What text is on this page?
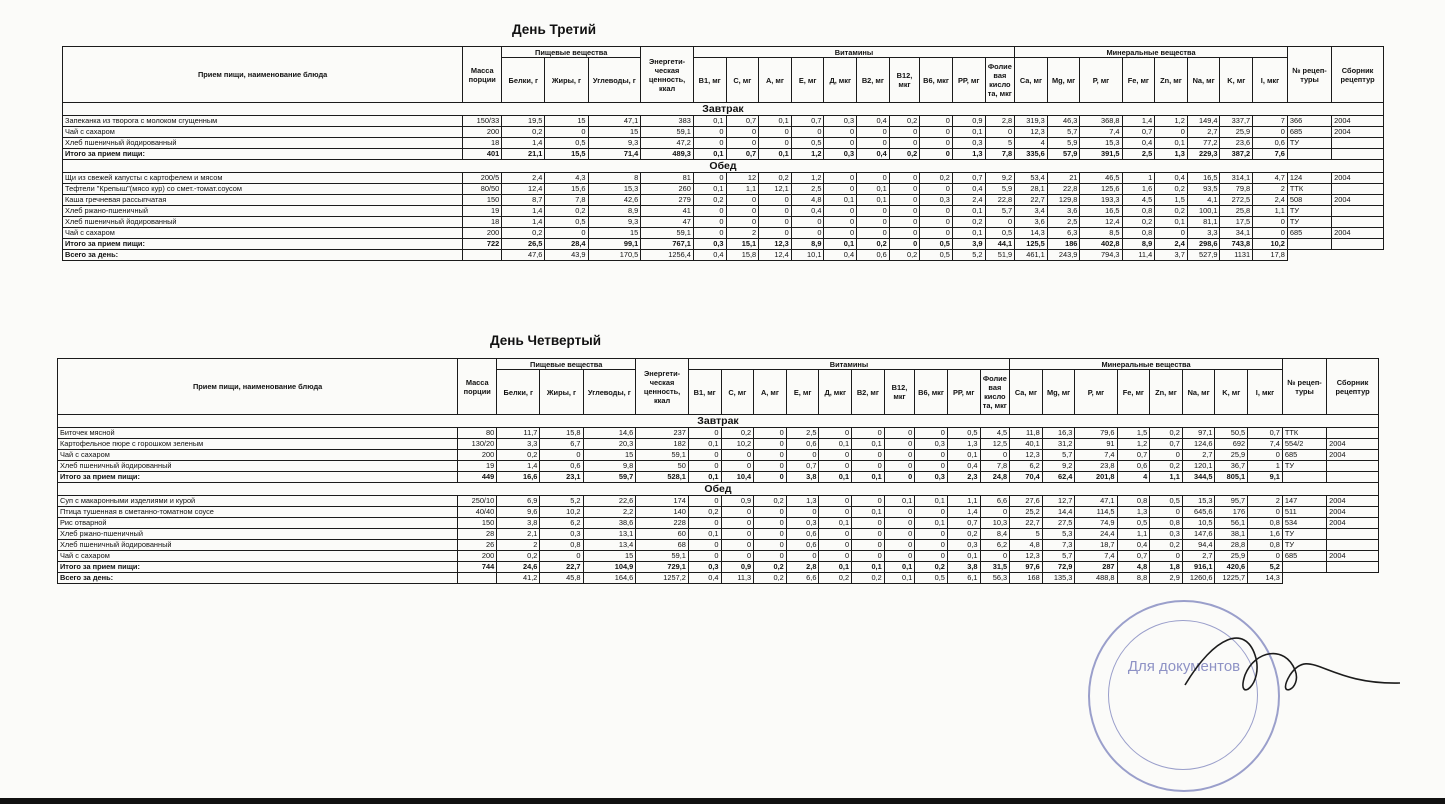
День Третий
Прием пищи, наименование блюда	Масса порции	Пищевые вещества			Энергети-ческая ценность, ккал	Витамины										Минеральные вещества								№ рецеп-туры	Сборник рецептур
		Белки, г	Жиры, г	Углеводы, г		В1, мг	С, мг	А, мг	Е, мг	Д, мкг	В2, мг	В12, мкг	В6, мкг	РР, мг	Фолие вая кисло та, мкг	Са, мг	Mg, мг	Р, мг	Fe, мг	Zn, мг	Na, мг	K, мг	I, мкг		
Завтрак																									
Запеканка из творога с молоком сгущенным	150/33	19,5	15	47,1	383	0,1	0,7	0,1	0,7	0,3	0,4	0,2	0	0,9	2,8	319,3	46,3	368,8	1,4	1,2	149,4	337,7	7	366	2004
Чай с сахаром	200	0,2	0	15	59,1	0	0	0	0	0	0	0	0	0,1	0	12,3	5,7	7,4	0,7	0	2,7	25,9	0	685	2004
Хлеб пшеничный йодированный	18	1,4	0,5	9,3	47,2	0	0	0	0,5	0	0	0	0	0,3	5	4	5,9	15,3	0,4	0,1	77,2	23,6	0,6	ТУ	
Итого за прием пищи:	401	21,1	15,5	71,4	489,3	0,1	0,7	0,1	1,2	0,3	0,4	0,2	0	1,3	7,8	335,6	57,9	391,5	2,5	1,3	229,3	387,2	7,6		
Обед																									
Щи из свежей капусты с картофелем и мясом	200/5	2,4	4,3	8	81	0	12	0,2	1,2	0	0	0	0,2	0,7	9,2	53,4	21	46,5	1	0,4	16,5	314,1	4,7	124	2004
Тефтели "Крепыш"(мясо кур) со смет.-томат.соусом	80/50	12,4	15,6	15,3	260	0,1	1,1	12,1	2,5	0	0,1	0	0	0,4	5,9	28,1	22,8	125,6	1,6	0,2	93,5	79,8	2	ТТК	
Каша гречневая рассыпчатая	150	8,7	7,8	42,6	279	0,2	0	0	4,8	0,1	0,1	0	0,3	2,4	22,8	22,7	129,8	193,3	4,5	1,5	4,1	272,5	2,4	508	2004
Хлеб ржано-пшеничный	19	1,4	0,2	8,9	41	0	0	0	0,4	0	0	0	0	0,1	5,7	3,4	3,6	16,5	0,8	0,2	100,1	25,8	1,1	ТУ	
Хлеб пшеничный йодированный	18	1,4	0,5	9,3	47	0	0	0	0	0	0	0	0	0,2	0	3,6	2,5	12,4	0,2	0,1	81,1	17,5	0	ТУ	
Чай с сахаром	200	0,2	0	15	59,1	0	2	0	0	0	0	0	0	0,1	0,5	14,3	6,3	8,5	0,8	0	3,3	34,1	0	685	2004
Итого за прием пищи:	722	26,5	28,4	99,1	767,1	0,3	15,1	12,3	8,9	0,1	0,2	0	0,5	3,9	44,1	125,5	186	402,8	8,9	2,4	298,6	743,8	10,2		
Всего за день:		47,6	43,9	170,5	1256,4	0,4	15,8	12,4	10,1	0,4	0,6	0,2	0,5	5,2	51,9	461,1	243,9	794,3	11,4	3,7	527,9	1131	17,8		
День Четвертый
Прием пищи, наименование блюда	Масса порции	Пищевые вещества			Энергети-ческая ценность, ккал	Витамины										Минеральные вещества								№ рецеп-туры	Сборник рецептур
		Белки, г	Жиры, г	Углеводы, г		В1, мг	С, мг	А, мг	Е, мг	Д, мкг	В2, мг	В12, мкг	В6, мкг	РР, мг	Фолие вая кисло та, мкг	Са, мг	Mg, мг	Р, мг	Fe, мг	Zn, мг	Na, мг	K, мг	I, мкг		
Завтрак																									
Биточек мясной	80	11,7	15,8	14,6	237	0	0,2	0	2,5	0	0	0	0	0,5	4,5	11,8	16,3	79,6	1,5	0,2	97,1	50,5	0,7	ТТК	
Картофельное пюре с горошком зеленым	130/20	3,3	6,7	20,3	182	0,1	10,2	0	0,6	0,1	0,1	0	0,3	1,3	12,5	40,1	31,2	91	1,2	0,7	124,6	692	7,4	554/2	2004
Чай с сахаром	200	0,2	0	15	59,1	0	0	0	0	0	0	0	0	0,1	0	12,3	5,7	7,4	0,7	0	2,7	25,9	0	685	2004
Хлеб пшеничный йодированный	19	1,4	0,6	9,8	50	0	0	0	0,7	0	0	0	0	0,4	7,8	6,2	9,2	23,8	0,6	0,2	120,1	36,7	1	ТУ	
Итого за прием пищи:	449	16,6	23,1	59,7	528,1	0,1	10,4	0	3,8	0,1	0,1	0	0,3	2,3	24,8	70,4	62,4	201,8	4	1,1	344,5	805,1	9,1		
Обед																									
Суп с макаронными изделиями и курой	250/10	6,9	5,2	22,6	174	0	0,9	0,2	1,3	0	0	0,1	0,1	1,1	6,6	27,6	12,7	47,1	0,8	0,5	15,3	95,7	2	147	2004
Птица тушенная в сметанно-томатном соусе	40/40	9,6	10,2	2,2	140	0,2	0	0	0	0	0,1	0	0	1,4	0	25,2	14,4	114,5	1,3	0	645,6	176	0	511	2004
Рис отварной	150	3,8	6,2	38,6	228	0	0	0	0,3	0,1	0	0	0,1	0,7	10,3	22,7	27,5	74,9	0,5	0,8	10,5	56,1	0,8	534	2004
Хлеб ржано-пшеничный	28	2,1	0,3	13,1	60	0,1	0	0	0,6	0	0	0	0	0,2	8,4	5	5,3	24,4	1,1	0,3	147,6	38,1	1,6	ТУ	
Хлеб пшеничный йодированный	26	2	0,8	13,4	68	0	0	0	0,6	0	0	0	0	0,3	6,2	4,8	7,3	18,7	0,4	0,2	94,4	28,8	0,8	ТУ	
Чай с сахаром	200	0,2	0	15	59,1	0	0	0	0	0	0	0	0	0,1	0	12,3	5,7	7,4	0,7	0	2,7	25,9	0	685	2004
Итого за прием пищи:	744	24,6	22,7	104,9	729,1	0,3	0,9	0,2	2,8	0,1	0,1	0,1	0,2	3,8	31,5	97,6	72,9	287	4,8	1,8	916,1	420,6	5,2		
Всего за день:		41,2	45,8	164,6	1257,2	0,4	11,3	0,2	6,6	0,2	0,2	0,1	0,5	6,1	56,3	168	135,3	488,8	8,8	2,9	1260,6	1225,7	14,3		
Для документов
